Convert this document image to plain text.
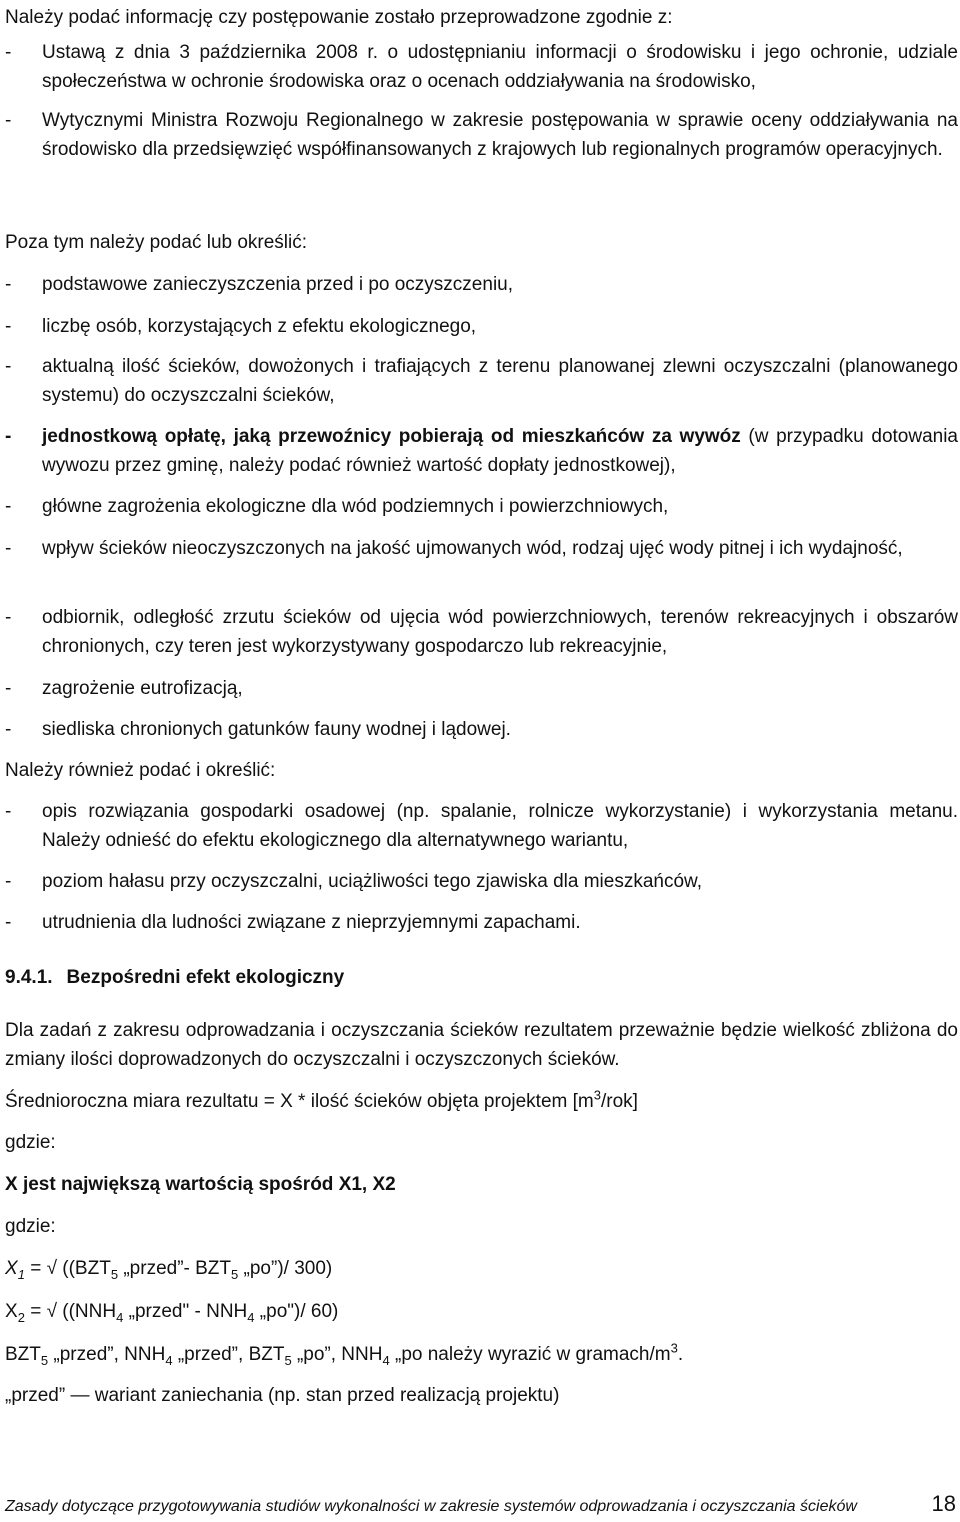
Należy podać informację czy postępowanie zostało przeprowadzone zgodnie z:

-	Ustawą z dnia 3 października 2008 r. o udostępnianiu informacji o środowisku i jego ochronie, udziale społeczeństwa w ochronie środowiska oraz o ocenach oddziaływania na środowisko,
-	Wytycznymi Ministra Rozwoju Regionalnego w zakresie postępowania w sprawie oceny oddziaływania na środowisko dla przedsięwzięć współfinansowanych z krajowych lub regionalnych programów operacyjnych.

Poza tym należy podać lub określić:

-	podstawowe zanieczyszczenia przed i po oczyszczeniu,
-	liczbę osób, korzystających z efektu ekologicznego,
-	aktualną ilość ścieków, dowożonych i trafiających z terenu planowanej zlewni oczyszczalni (planowanego systemu) do oczyszczalni ścieków,
-	jednostkową opłatę, jaką przewoźnicy pobierają od mieszkańców za wywóz (w przypadku dotowania wywozu przez gminę, należy podać również wartość dopłaty jednostkowej),
-	główne zagrożenia ekologiczne dla wód podziemnych i powierzchniowych,
-	wpływ ścieków nieoczyszczonych na jakość ujmowanych wód, rodzaj ujęć wody pitnej i ich wydajność,
-	odbiornik, odległość zrzutu ścieków od ujęcia wód powierzchniowych, terenów rekreacyjnych i obszarów chronionych, czy teren jest wykorzystywany gospodarczo lub rekreacyjnie,
-	zagrożenie eutrofizacją,
-	siedliska chronionych gatunków fauny wodnej i lądowej.

Należy również podać i określić:

-	opis rozwiązania gospodarki osadowej (np. spalanie, rolnicze wykorzystanie) i wykorzystania metanu. Należy odnieść do efektu ekologicznego dla alternatywnego wariantu,
-	poziom hałasu przy oczyszczalni, uciążliwości tego zjawiska dla mieszkańców,
-	utrudnienia dla ludności związane z nieprzyjemnymi zapachami.
9.4.1. Bezpośredni efekt ekologiczny

Dla zadań z zakresu odprowadzania i oczyszczania ścieków rezultatem przeważnie będzie wielkość zbliżona do zmiany ilości doprowadzonych do oczyszczalni i oczyszczonych ścieków.

Średnioroczna miara rezultatu = X * ilość ścieków objęta projektem $[m^3/rok]$

gdzie:

X jest największą wartością spośród X1, X2

gdzie:

$X_1$ = √ (($BZT_5$ „przed”- $BZT_5$ „po”)/ 300)

$X_2$ = √ (($NNH_4$ „przed" - $NNH_4$ „po")/ 60)

$BZT_5$ „przed”, $NNH_4$ „przed”, $BZT_5$ „po”, $NNH_4$ „po należy wyrazić w gramach/$m^3$.

„przed” — wariant zaniechania (np. stan przed realizacją projektu)

Zasady dotyczące przygotowywania studiów wykonalności w zakresie systemów odprowadzania i oczyszczania ścieków	18
